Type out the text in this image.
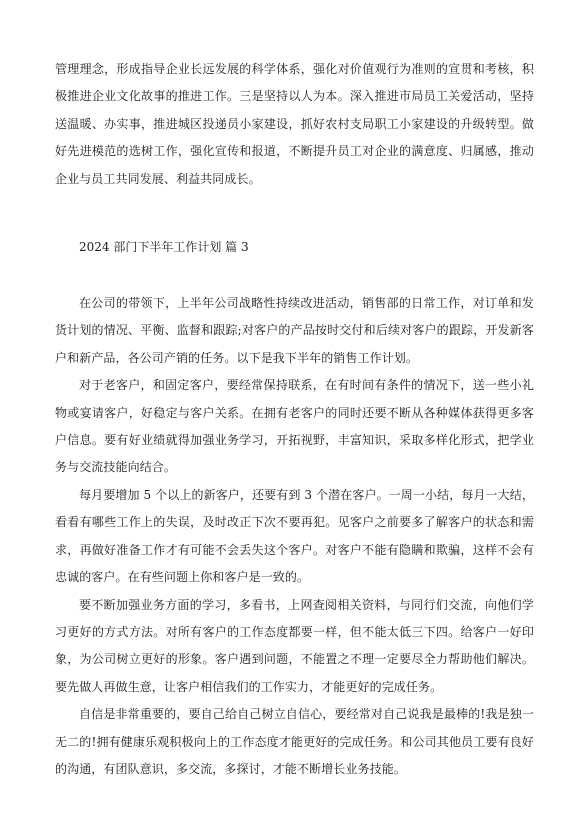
管理理念，形成指导企业长远发展的科学体系，强化对价值观行为准则的宣贯和考核，积极推进企业文化故事的推进工作。三是坚持以人为本。深入推进市局员工关爱活动，坚持送温暖、办实事，推进城区投递员小家建设，抓好农村支局职工小家建设的升级转型。做好先进模范的选树工作，强化宣传和报道，不断提升员工对企业的满意度、归属感，推动企业与员工共同发展、利益共同成长。

2024 部门下半年工作计划 篇 3

在公司的带领下，上半年公司战略性持续改进活动，销售部的日常工作，对订单和发货计划的情况、平衡、监督和跟踪;对客户的产品按时交付和后续对客户的跟踪，开发新客户和新产品，各公司产销的任务。以下是我下半年的销售工作计划。

对于老客户，和固定客户，要经常保持联系，在有时间有条件的情况下，送一些小礼物或宴请客户，好稳定与客户关系。在拥有老客户的同时还要不断从各种媒体获得更多客户信息。要有好业绩就得加强业务学习，开拓视野，丰富知识，采取多样化形式，把学业务与交流技能向结合。

每月要增加 5 个以上的新客户，还要有到 3 个潜在客户。一周一小结，每月一大结，看看有哪些工作上的失误，及时改正下次不要再犯。见客户之前要多了解客户的状态和需求，再做好准备工作才有可能不会丢失这个客户。对客户不能有隐瞒和欺骗，这样不会有忠诚的客户。在有些问题上你和客户是一致的。

要不断加强业务方面的学习，多看书，上网查阅相关资料，与同行们交流，向他们学习更好的方式方法。对所有客户的工作态度都要一样，但不能太低三下四。给客户一好印象，为公司树立更好的形象。客户遇到问题，不能置之不理一定要尽全力帮助他们解决。要先做人再做生意，让客户相信我们的工作实力，才能更好的完成任务。

自信是非常重要的，要自己给自己树立自信心，要经常对自己说我是最棒的!我是独一无二的!拥有健康乐观积极向上的工作态度才能更好的完成任务。和公司其他员工要有良好的沟通，有团队意识，多交流，多探讨，才能不断增长业务技能。
